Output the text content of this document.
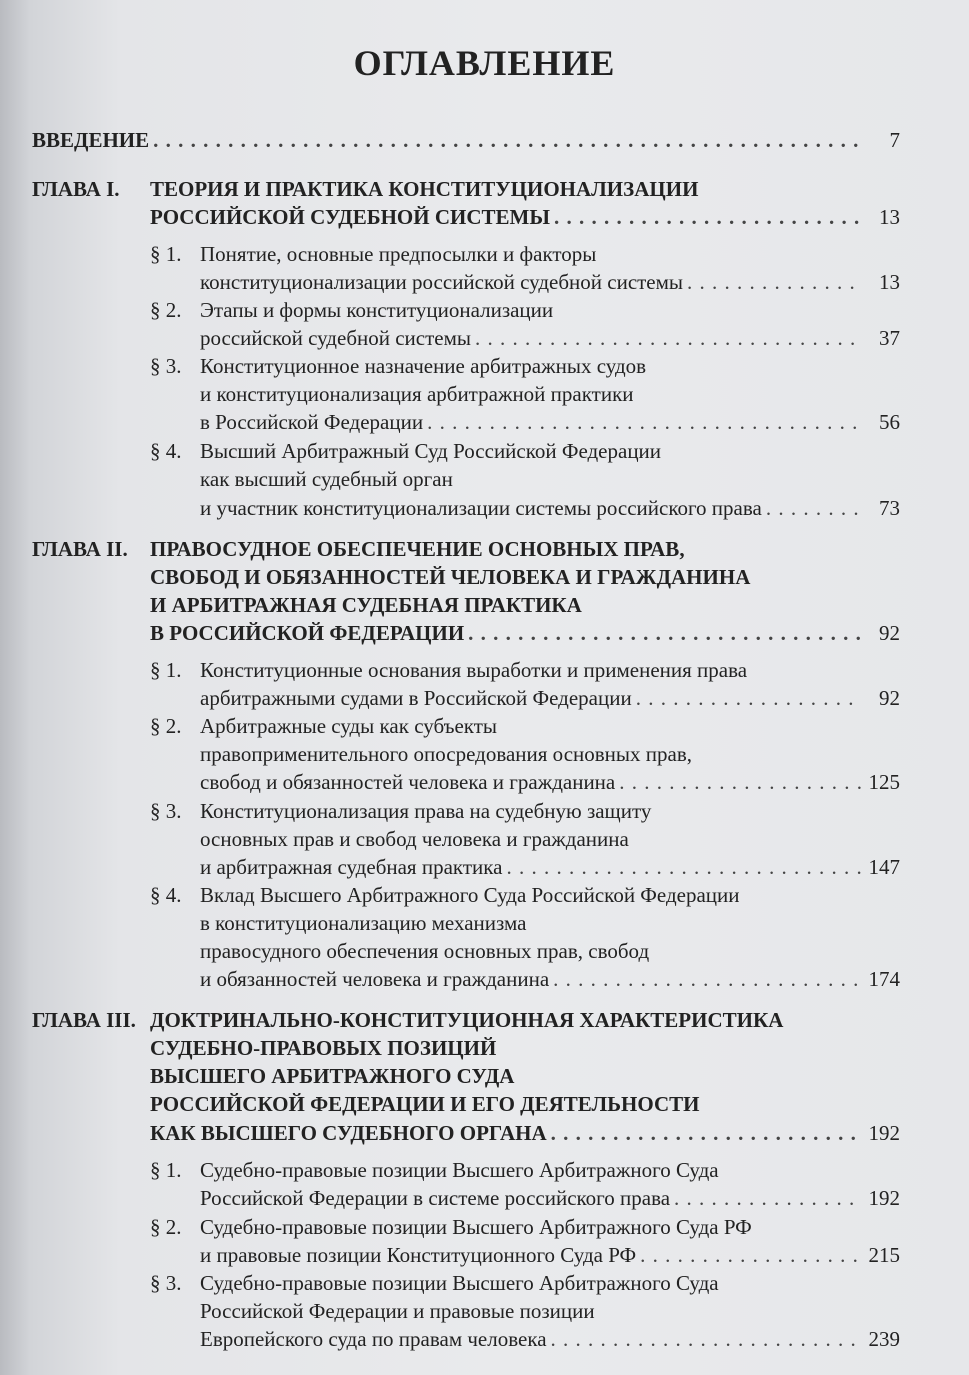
ОГЛАВЛЕНИЕ
ВВЕДЕНИЕ . . .	7
ГЛАВА I. ТЕОРИЯ И ПРАКТИКА КОНСТИТУЦИОНАЛИЗАЦИИ
РОССИЙСКОЙ СУДЕБНОЙ СИСТЕМЫ . . .	13
§ 1. Понятие, основные предпосылки и факторы
конституционализации российской судебной системы . . .	13
§ 2. Этапы и формы конституционализации
российской судебной системы . . .	37
§ 3. Конституционное назначение арбитражных судов
и конституционализация арбитражной практики
в Российской Федерации . . .	56
§ 4. Высший Арбитражный Суд Российской Федерации
как высший судебный орган
и участник конституционализации системы российского права . . .	73
ГЛАВА II. ПРАВОСУДНОЕ ОБЕСПЕЧЕНИЕ ОСНОВНЫХ ПРАВ,
СВОБОД И ОБЯЗАННОСТЕЙ ЧЕЛОВЕКА И ГРАЖДАНИНА
И АРБИТРАЖНАЯ СУДЕБНАЯ ПРАКТИКА
В РОССИЙСКОЙ ФЕДЕРАЦИИ . . .	92
§ 1. Конституционные основания выработки и применения права
арбитражными судами в Российской Федерации . . .	92
§ 2. Арбитражные суды как субъекты
правоприменительного опосредования основных прав,
свобод и обязанностей человека и гражданина . . .	125
§ 3. Конституционализация права на судебную защиту
основных прав и свобод человека и гражданина
и арбитражная судебная практика . . .	147
§ 4. Вклад Высшего Арбитражного Суда Российской Федерации
в конституционализацию механизма
правосудного обеспечения основных прав, свобод
и обязанностей человека и гражданина . . .	174
ГЛАВА III. ДОКТРИНАЛЬНО-КОНСТИТУЦИОННАЯ ХАРАКТЕРИСТИКА
СУДЕБНО-ПРАВОВЫХ ПОЗИЦИЙ
ВЫСШЕГО АРБИТРАЖНОГО СУДА
РОССИЙСКОЙ ФЕДЕРАЦИИ И ЕГО ДЕЯТЕЛЬНОСТИ
КАК ВЫСШЕГО СУДЕБНОГО ОРГАНА . . .	192
§ 1. Судебно-правовые позиции Высшего Арбитражного Суда
Российской Федерации в системе российского права . . .	192
§ 2. Судебно-правовые позиции Высшего Арбитражного Суда РФ
и правовые позиции Конституционного Суда РФ . . .	215
§ 3. Судебно-правовые позиции Высшего Арбитражного Суда
Российской Федерации и правовые позиции
Европейского суда по правам человека . . .	239
